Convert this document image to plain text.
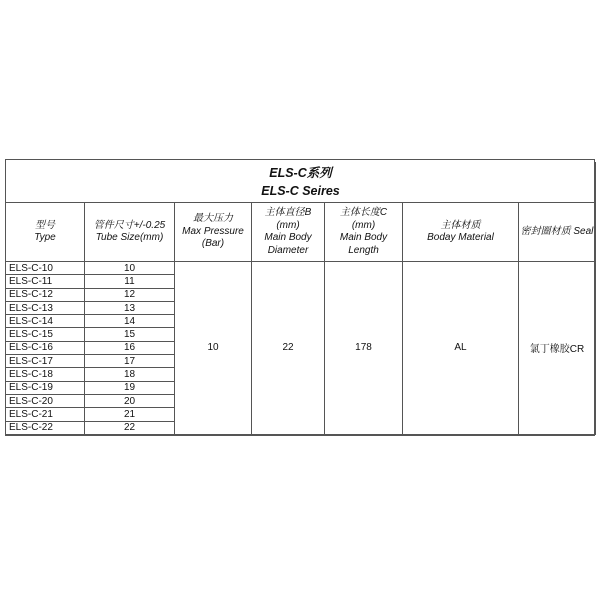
ELS-C系列
ELS-C Seires						

型号
Type	管件尺寸+/-0.25
Tube Size(mm)	最大压力
Max Pressure
(Bar)	主体直径B
(mm)
Main Body
Diameter	主体长度C
(mm)
Main Body
Length	主体材质
Boday Material	密封圈材质 Seal

ELS-C-10	10	10	22	178	AL	氯丁橡胶CR
ELS-C-11	11					
ELS-C-12	12					
ELS-C-13	13					
ELS-C-14	14					
ELS-C-15	15					
ELS-C-16	16					
ELS-C-17	17					
ELS-C-18	18					
ELS-C-19	19					
ELS-C-20	20					
ELS-C-21	21					
ELS-C-22	22					
